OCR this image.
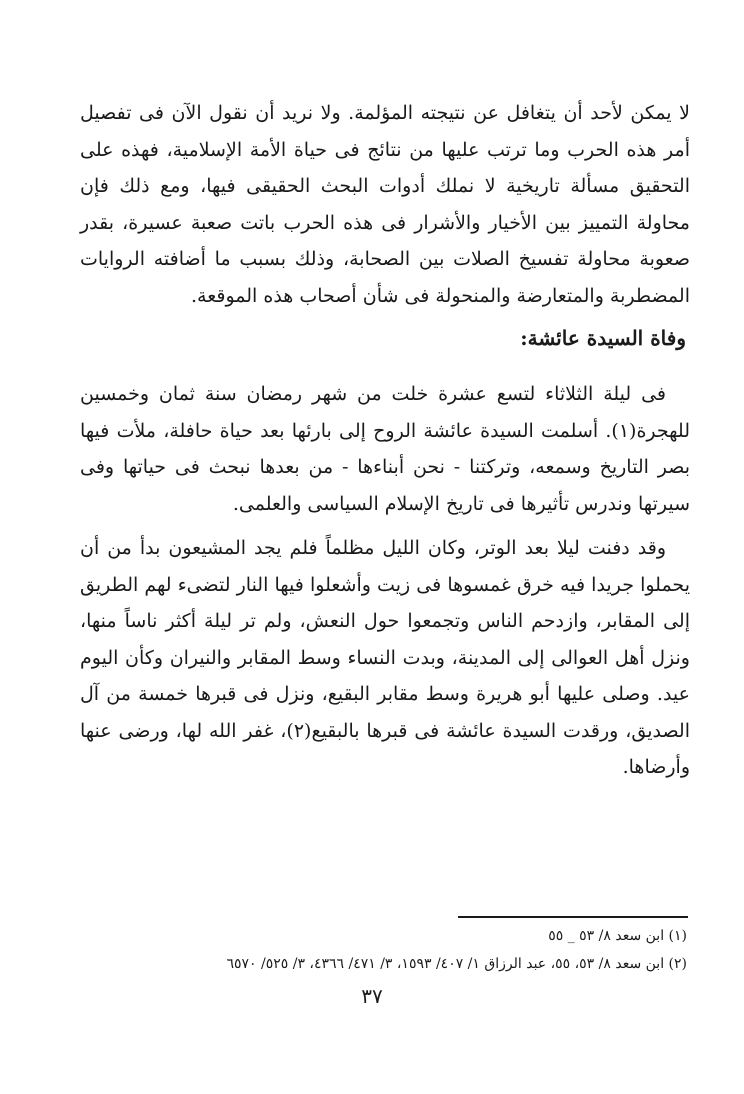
لا يمكن لأحد أن يتغافل عن نتيجته المؤلمة. ولا نريد أن نقول الآن فى تفصيل أمر هذه الحرب وما ترتب عليها من نتائج فى حياة الأمة الإسلامية، فهذه على التحقيق مسألة تاريخية لا نملك أدوات البحث الحقيقى فيها، ومع ذلك فإن محاولة التمييز بين الأخيار والأشرار فى هذه الحرب باتت صعبة عسيرة، بقدر صعوبة محاولة تفسيخ الصلات بين الصحابة، وذلك بسبب ما أضافته الروايات المضطربة والمتعارضة والمنحولة فى شأن أصحاب هذه الموقعة.

وفاة السيدة عائشة:

فى ليلة الثلاثاء لتسع عشرة خلت من شهر رمضان سنة ثمان وخمسين للهجرة(١). أسلمت السيدة عائشة الروح إلى بارئها بعد حياة حافلة، ملأت فيها بصر التاريخ وسمعه، وتركتنا - نحن أبناءها - من بعدها نبحث فى حياتها وفى سيرتها وندرس تأثيرها فى تاريخ الإسلام السياسى والعلمى.

وقد دفنت ليلا بعد الوتر، وكان الليل مظلماً فلم يجد المشيعون بدأ من أن يحملوا جريدا فيه خرق غمسوها فى زيت وأشعلوا فيها النار لتضىء لهم الطريق إلى المقابر، وازدحم الناس وتجمعوا حول النعش، ولم تر ليلة أكثر ناساً منها، ونزل أهل العوالى إلى المدينة، وبدت النساء وسط المقابر والنيران وكأن اليوم عيد. وصلى عليها أبو هريرة وسط مقابر البقيع، ونزل فى قبرها خمسة من آل الصديق، ورقدت السيدة عائشة فى قبرها بالبقيع(٢)، غفر الله لها، ورضى عنها وأرضاها.

(١) ابن سعد ٨/ ٥٣ _ ٥٥

(٢) ابن سعد ٨/ ٥٣، ٥٥، عبد الرزاق ١/ ٤٠٧/ ١٥٩٣، ٣/ ٤٧١/ ٤٣٦٦، ٣/ ٥٢٥/ ٦٥٧٠

٣٧
